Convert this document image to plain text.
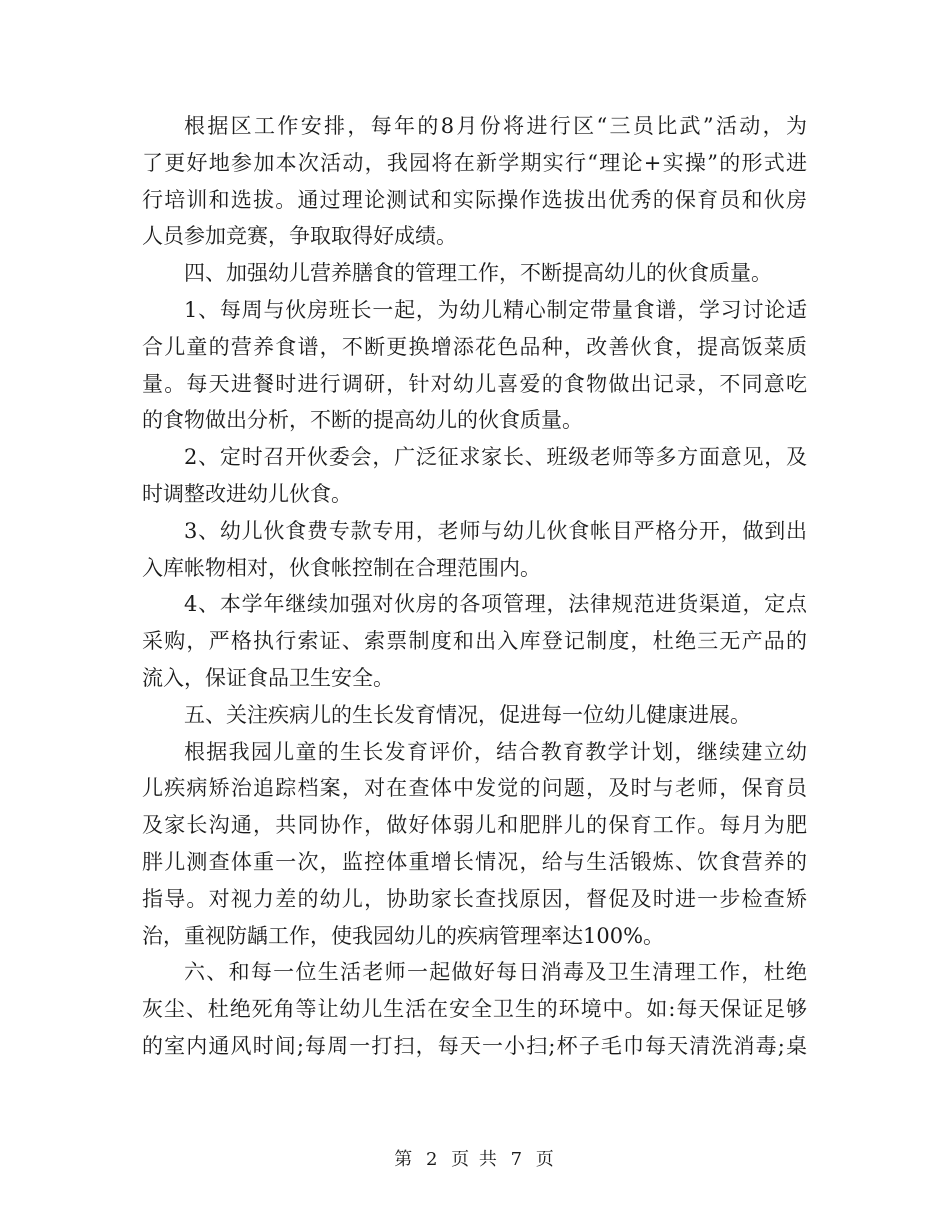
根据区工作安排，每年的8月份将进行区“三员比武”活动，为
了更好地参加本次活动，我园将在新学期实行“理论+实操”的形式进
行培训和选拔。通过理论测试和实际操作选拔出优秀的保育员和伙房
人员参加竞赛，争取取得好成绩。
四、加强幼儿营养膳食的管理工作，不断提高幼儿的伙食质量。
1、每周与伙房班长一起，为幼儿精心制定带量食谱，学习讨论适
合儿童的营养食谱，不断更换增添花色品种，改善伙食，提高饭菜质
量。每天进餐时进行调研，针对幼儿喜爱的食物做出记录，不同意吃
的食物做出分析，不断的提高幼儿的伙食质量。
2、定时召开伙委会，广泛征求家长、班级老师等多方面意见，及
时调整改进幼儿伙食。
3、幼儿伙食费专款专用，老师与幼儿伙食帐目严格分开，做到出
入库帐物相对，伙食帐控制在合理范围内。
4、本学年继续加强对伙房的各项管理，法律规范进货渠道，定点
采购，严格执行索证、索票制度和出入库登记制度，杜绝三无产品的
流入，保证食品卫生安全。
五、关注疾病儿的生长发育情况，促进每一位幼儿健康进展。
根据我园儿童的生长发育评价，结合教育教学计划，继续建立幼
儿疾病矫治追踪档案，对在查体中发觉的问题，及时与老师，保育员
及家长沟通，共同协作，做好体弱儿和肥胖儿的保育工作。每月为肥
胖儿测查体重一次，监控体重增长情况，给与生活锻炼、饮食营养的
指导。对视力差的幼儿，协助家长查找原因，督促及时进一步检查矫
治，重视防龋工作，使我园幼儿的疾病管理率达100%。
六、和每一位生活老师一起做好每日消毒及卫生清理工作，杜绝
灰尘、杜绝死角等让幼儿生活在安全卫生的环境中。如:每天保证足够
的室内通风时间;每周一打扫，每天一小扫;杯子毛巾每天清洗消毒;桌
第 2 页 共 7 页
